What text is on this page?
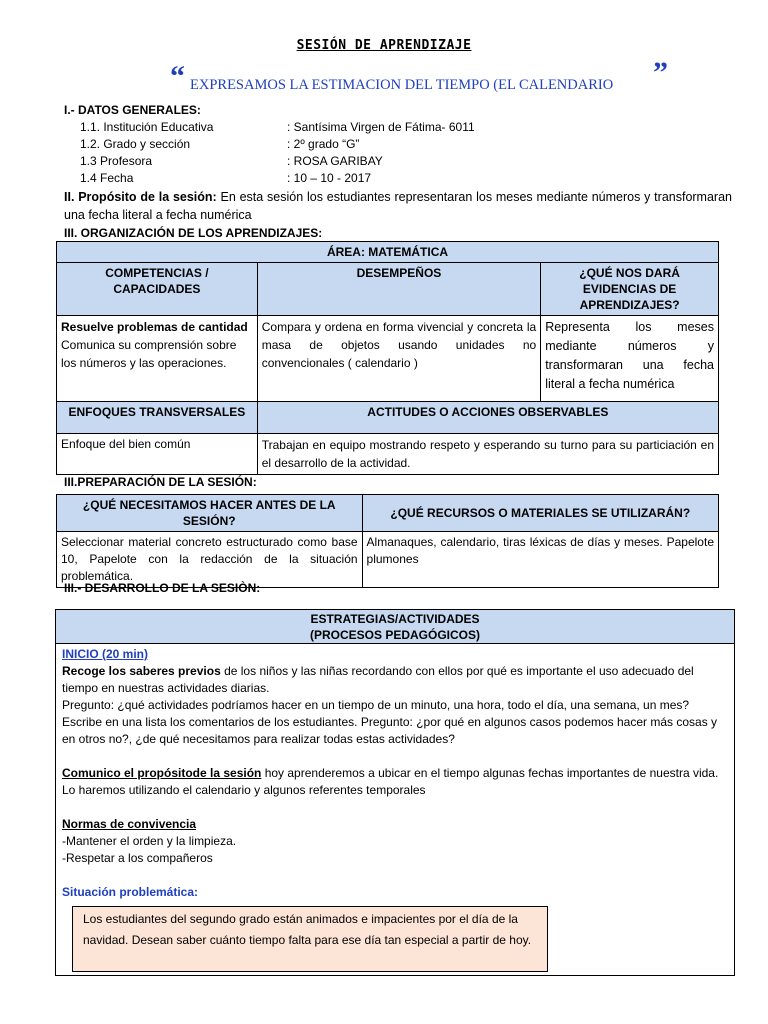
SESIÓN DE APRENDIZAJE
“ EXPRESAMOS LA ESTIMACION DEL TIEMPO (EL CALENDARIO ”
I.- DATOS GENERALES:
1.1. Institución Educativa	: Santísima Virgen de Fátima- 6011
1.2. Grado y sección	: 2º grado “G”
1.3 Profesora	: ROSA GARIBAY
1.4 Fecha	: 10 – 10 - 2017
II. Propósito de la sesión: En esta sesión los estudiantes representaran los meses mediante números y transformaran una fecha literal a fecha numérica
III. ORGANIZACIÓN DE LOS APRENDIZAJES:
ÁREA: MATEMÁTICA		
COMPETENCIAS / CAPACIDADES	DESEMPEÑOS	¿QUÉ NOS DARÁ EVIDENCIAS DE APRENDIZAJES?

Resuelve problemas de cantidad
Comunica su comprensión sobre los números y las operaciones.	Compara y ordena en forma vivencial y concreta la masa de objetos usando unidades no convencionales ( calendario )	Representa los meses mediante números y transformaran una fecha literal a fecha numérica
ENFOQUES TRANSVERSALES	ACTITUDES O ACCIONES OBSERVABLES	
Enfoque del bien común	Trabajan en equipo mostrando respeto y esperando su turno para su particiación en el desarrollo de la actividad.	
III.PREPARACIÓN DE LA SESIÓN:
¿QUÉ NECESITAMOS HACER ANTES DE LA SESIÓN?	¿QUÉ RECURSOS O MATERIALES SE UTILIZARÁN?
Seleccionar material concreto estructurado como base 10, Papelote con la redacción de la situación problemática.	Almanaques, calendario, tiras léxicas de días y meses. Papelote plumones
III.- DESARROLLO DE LA SESIÒN:
ESTRATEGIAS/ACTIVIDADES
(PROCESOS PEDAGÓGICOS)
INICIO (20 min)
Recoge los saberes previos de los niños y las niñas recordando con ellos por qué es importante el uso adecuado del tiempo en nuestras actividades diarias.
Pregunto: ¿qué actividades podríamos hacer en un tiempo de un minuto, una hora, todo el día, una semana, un mes?
Escribe en una lista los comentarios de los estudiantes. Pregunto: ¿por qué en algunos casos podemos hacer más cosas y en otros no?, ¿de qué necesitamos para realizar todas estas actividades?
Comunico el propósitode la sesión hoy aprenderemos a ubicar en el tiempo algunas fechas importantes de nuestra vida. Lo haremos utilizando el calendario y algunos referentes temporales
Normas de convivencia
-Mantener el orden y la limpieza.
-Respetar a los compañeros
Situación problemática:
Los estudiantes del segundo grado están animados e impacientes por el día de la navidad. Desean saber cuánto tiempo falta para ese día tan especial a partir de hoy.
